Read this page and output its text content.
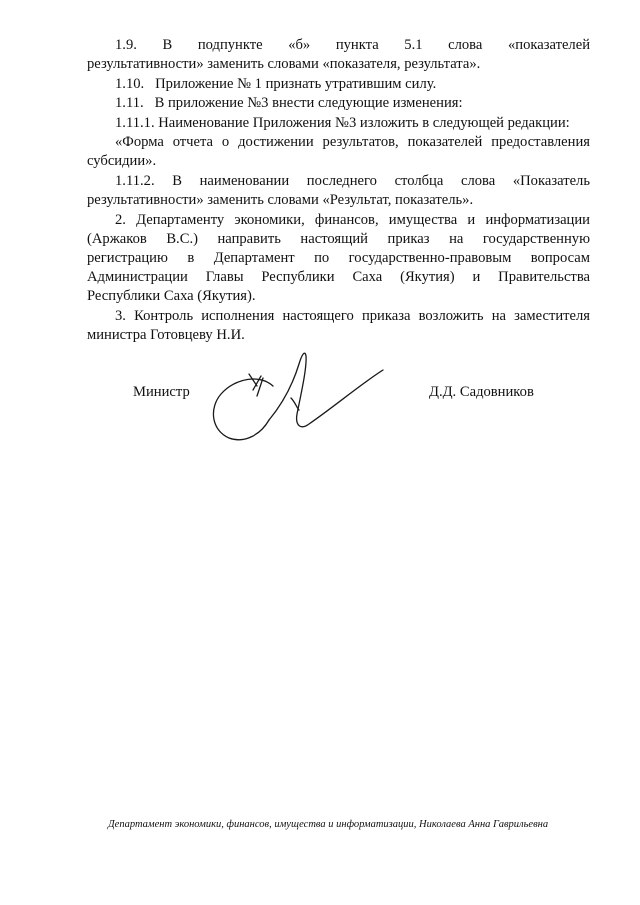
1.9. В подпункте «б» пункта 5.1 слова «показателей

результативности» заменить словами «показателя, результата».

1.10.   Приложение № 1 признать утратившим силу.

1.11.   В приложение №3 внести следующие изменения:

1.11.1. Наименование Приложения №3 изложить в следующей редакции:

«Форма отчета о достижении результатов, показателей предоставления

субсидии».

1.11.2. В наименовании последнего столбца слова «Показатель

результативности» заменить словами «Результат, показатель».

2. Департаменту экономики, финансов, имущества и информатизации

(Аржаков В.С.) направить настоящий приказ на государственную

регистрацию в Департамент по государственно-правовым вопросам

Администрации Главы Республики Саха (Якутия) и Правительства

Республики Саха (Якутия).

3. Контроль исполнения настоящего приказа возложить на заместителя

министра Готовцеву Н.И.

Министр	Д.Д. Садовников
Департамент экономики, финансов, имущества и информатизации, Николаева Анна Гаврильевна
